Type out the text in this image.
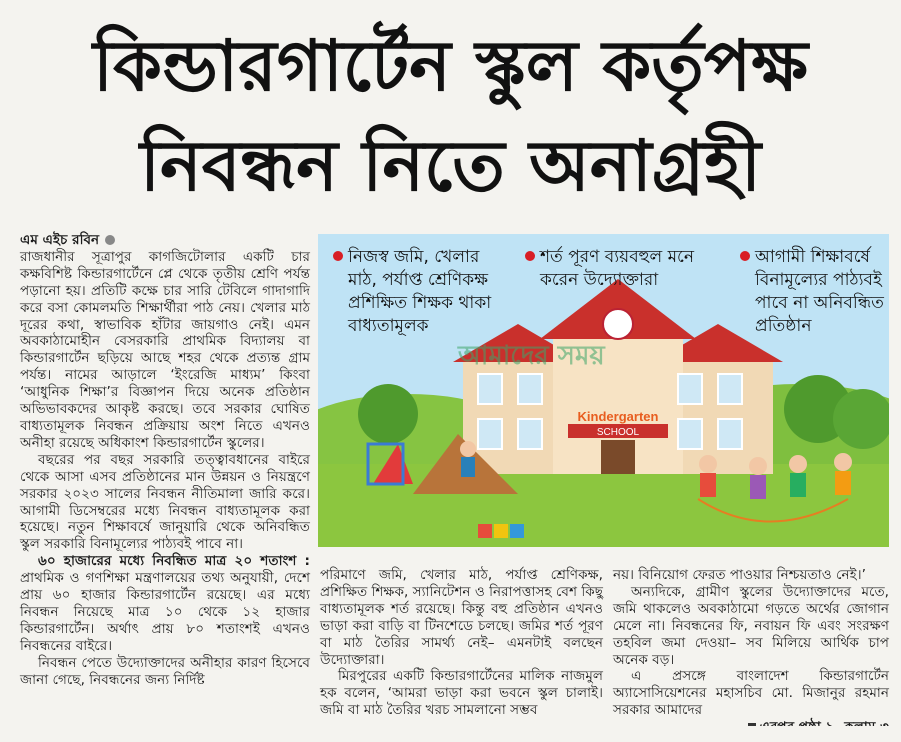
কিন্ডারগার্টেন স্কুল কর্তৃপক্ষ
নিবন্ধন নিতে অনাগ্রহী

এম এইচ রবিন

রাজধানীর সূত্রাপুর কাগজিটোলার একটি চার কক্ষবিশিষ্ট কিন্ডারগার্টেনে প্লে থেকে তৃতীয় শ্রেণি পর্যন্ত পড়ানো হয়। প্রতিটি কক্ষে চার সারি টেবিলে গাদাগাদি করে বসা কোমলমতি শিক্ষার্থীরা পাঠ নেয়। খেলার মাঠ দূরের কথা, স্বাভাবিক হাঁটার জায়গাও নেই। এমন অবকাঠামোহীন বেসরকারি প্রাথমিক বিদ্যালয় বা কিন্ডারগার্টেন ছড়িয়ে আছে শহর থেকে প্রত্যন্ত গ্রাম পর্যন্ত। নামের আড়ালে ‘ইংরেজি মাধ্যম’ কিংবা ‘আধুনিক শিক্ষা’র বিজ্ঞাপন দিয়ে অনেক প্রতিষ্ঠান অভিভাবকদের আকৃষ্ট করছে। তবে সরকার ঘোষিত বাধ্যতামূলক নিবন্ধন প্রক্রিয়ায় অংশ নিতে এখনও অনীহা রয়েছে অধিকাংশ কিন্ডারগার্টেন স্কুলের।

বছরের পর বছর সরকারি তত্ত্বাবধানের বাইরে থেকে আসা এসব প্রতিষ্ঠানের মান উন্নয়ন ও নিয়ন্ত্রণে সরকার ২০২৩ সালের নিবন্ধন নীতিমালা জারি করে। আগামী ডিসেম্বরের মধ্যে নিবন্ধন বাধ্যতামূলক করা হয়েছে। নতুন শিক্ষাবর্ষে জানুয়ারি থেকে অনিবন্ধিত স্কুল সরকারি বিনামূল্যের পাঠ্যবই পাবে না।

৬০ হাজারের মধ্যে নিবন্ধিত মাত্র ২০ শতাংশ : প্রাথমিক ও গণশিক্ষা মন্ত্রণালয়ের তথ্য অনুযায়ী, দেশে প্রায় ৬০ হাজার কিন্ডারগার্টেন রয়েছে। এর মধ্যে নিবন্ধন নিয়েছে মাত্র ১০ থেকে ১২ হাজার কিন্ডারগার্টেন। অর্থাৎ প্রায় ৮০ শতাংশই এখনও নিবন্ধনের বাইরে।

নিবন্ধন পেতে উদ্যোক্তাদের অনীহার কারণ হিসেবে জানা গেছে, নিবন্ধনের জন্য নির্দিষ্ট

SCHOOL
Kindergarten
আমাদের সময়
নিজস্ব জমি, খেলার মাঠ, পর্যাপ্ত শ্রেণিকক্ষ প্রশিক্ষিত শিক্ষক থাকা বাধ্যতামূলক
শর্ত পূরণ ব্যয়বহুল মনে করেন উদ্যোক্তারা
আগামী শিক্ষাবর্ষে বিনামূল্যের পাঠ্যবই পাবে না অনিবন্ধিত প্রতিষ্ঠান

পরিমাণে জমি, খেলার মাঠ, পর্যাপ্ত শ্রেণিকক্ষ, প্রশিক্ষিত শিক্ষক, স্যানিটেশন ও নিরাপত্তাসহ বেশ কিছু বাধ্যতামূলক শর্ত রয়েছে। কিন্তু বহু প্রতিষ্ঠান এখনও ভাড়া করা বাড়ি বা টিনশেডে চলছে। জমির শর্ত পূরণ বা মাঠ তৈরির সামর্থ্য নেই– এমনটাই বলছেন উদ্যোক্তারা।

মিরপুরের একটি কিন্ডারগার্টেনের মালিক নাজমুল হক বলেন, ‘আমরা ভাড়া করা ভবনে স্কুল চালাই। জমি বা মাঠ তৈরির খরচ সামলানো সম্ভব

নয়। বিনিয়োগ ফেরত পাওয়ার নিশ্চয়তাও নেই।’

অন্যদিকে, গ্রামীণ স্কুলের উদ্যোক্তাদের মতে, জমি থাকলেও অবকাঠামো গড়তে অর্থের জোগান মেলে না। নিবন্ধনের ফি, নবায়ন ফি এবং সংরক্ষণ তহবিল জমা দেওয়া– সব মিলিয়ে আর্থিক চাপ অনেক বড়।

এ প্রসঙ্গে বাংলাদেশ কিন্ডারগার্টেন অ্যাসোসিয়েশনের মহাসচিব মো. মিজানুর রহমান সরকার আমাদের
